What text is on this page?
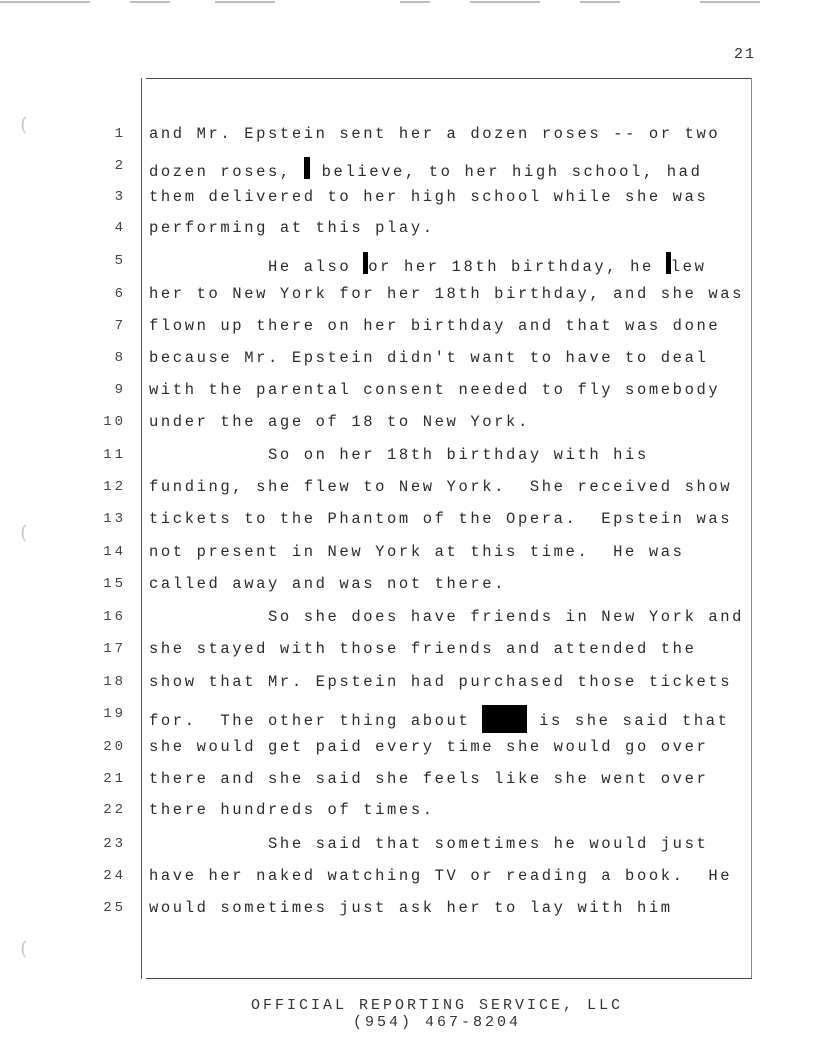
(
(
(
21
1
2
3
4
5
6
7
8
9
10
11
12
13
14
15
16
17
18
19
20
21
22
23
24
25
and Mr. Epstein sent her a dozen roses -- or two
dozen roses,  believe, to her high school, had
them delivered to her high school while she was
performing at this play.
He also or her 18th birthday, he lew
her to New York for her 18th birthday, and she was
flown up there on her birthday and that was done
because Mr. Epstein didn't want to have to deal
with the parental consent needed to fly somebody
under the age of 18 to New York.
So on her 18th birthday with his
funding, she flew to New York.  She received show
tickets to the Phantom of the Opera.  Epstein was
not present in New York at this time.  He was
called away and was not there.
So she does have friends in New York and
she stayed with those friends and attended the
show that Mr. Epstein had purchased those tickets
for.  The other thing about	is she said that
she would get paid every time she would go over
there and she said she feels like she went over
there hundreds of times.
She said that sometimes he would just
have her naked watching TV or reading a book.  He
would sometimes just ask her to lay with him
OFFICIAL REPORTING SERVICE, LLC
(954) 467-8204
